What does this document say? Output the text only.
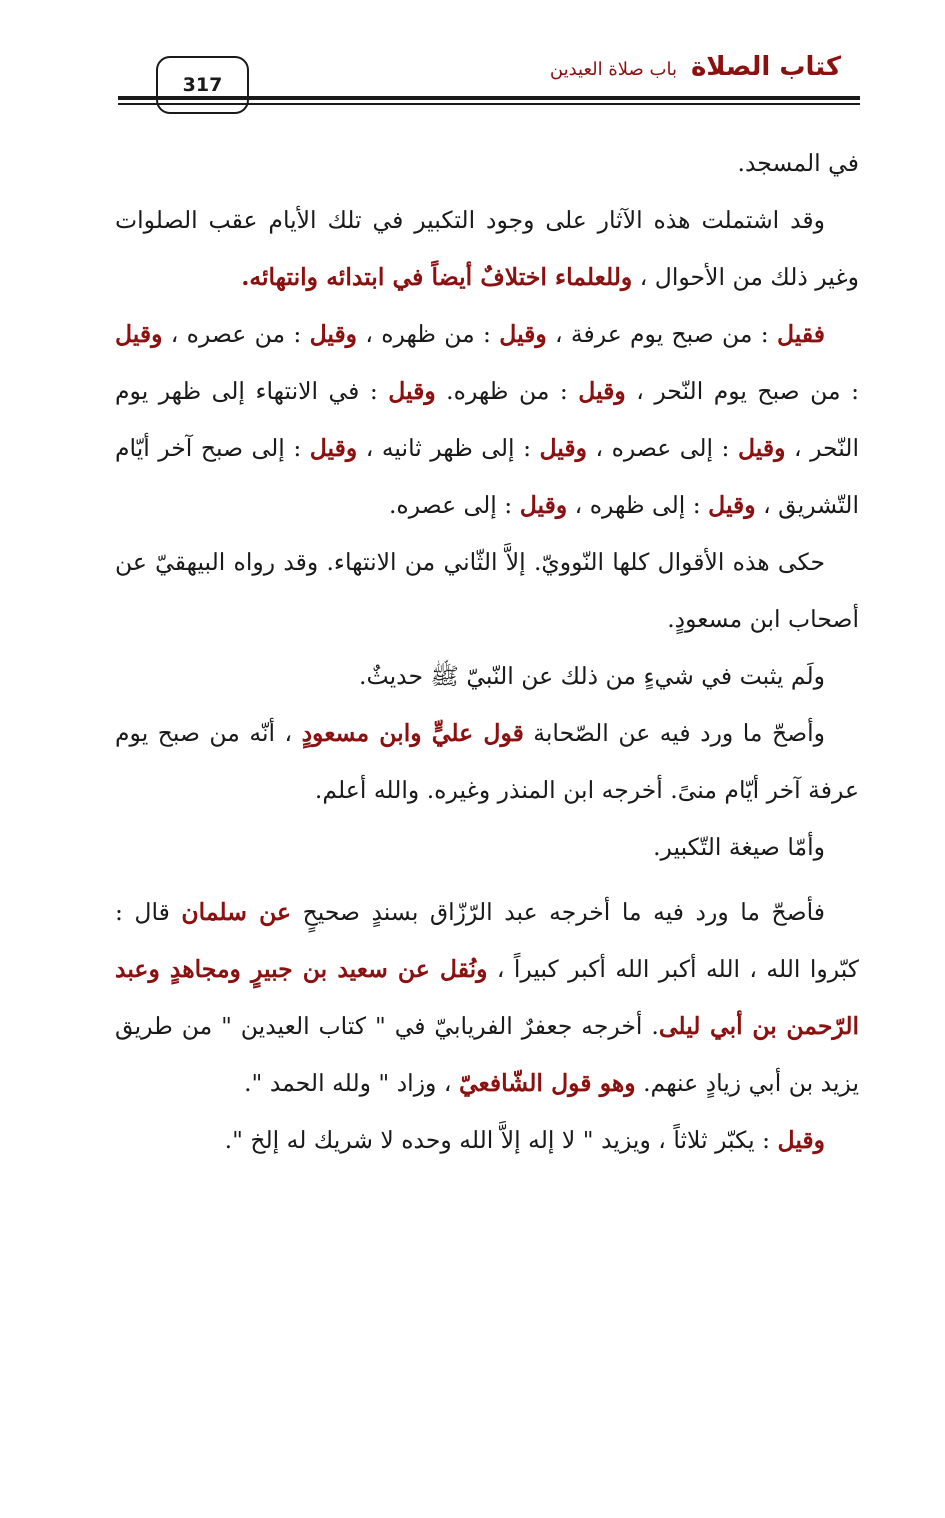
كتاب الصلاة
باب صلاة العيدين
317

في المسجد.

وقد اشتملت هذه الآثار على وجود التكبير في تلك الأيام عقب الصلوات وغير ذلك من الأحوال ، وللعلماء اختلافٌ أيضاً في ابتدائه وانتهائه.

فقيل : من صبح يوم عرفة ، وقيل : من ظهره ، وقيل : من عصره ، وقيل : من صبح يوم النّحر ، وقيل : من ظهره. وقيل : في الانتهاء إلى ظهر يوم النّحر ، وقيل : إلى عصره ، وقيل : إلى ظهر ثانيه ، وقيل : إلى صبح آخر أيّام التّشريق ، وقيل : إلى ظهره ، وقيل : إلى عصره.

حكى هذه الأقوال كلها النّوويّ. إلاَّ الثّاني من الانتهاء. وقد رواه البيهقيّ عن أصحاب ابن مسعودٍ.

ولَم يثبت في شيءٍ من ذلك عن النّبيّ ﷺ حديثٌ.

وأصحّ ما ورد فيه عن الصّحابة قول عليٍّ وابن مسعودٍ ، أنّه من صبح يوم عرفة آخر أيّام منىً. أخرجه ابن المنذر وغيره. والله أعلم.

وأمّا صيغة التّكبير.

فأصحّ ما ورد فيه ما أخرجه عبد الرّزّاق بسندٍ صحيحٍ عن سلمان قال : كبّروا الله ، الله أكبر الله أكبر كبيراً ، ونُقل عن سعيد بن جبيرٍ ومجاهدٍ وعبد الرّحمن بن أبي ليلى. أخرجه جعفرٌ الفريابيّ في " كتاب العيدين " من طريق يزيد بن أبي زيادٍ عنهم. وهو قول الشّافعيّ ، وزاد " ولله الحمد ".

وقيل : يكبّر ثلاثاً ، ويزيد " لا إله إلاَّ الله وحده لا شريك له إلخ ".
